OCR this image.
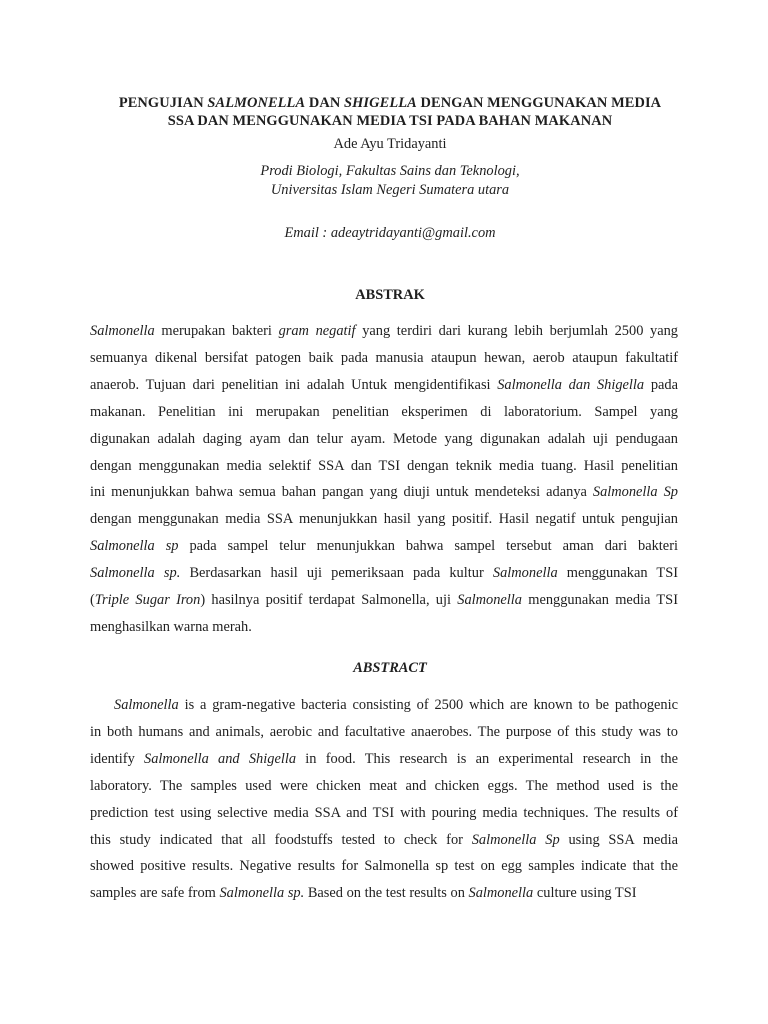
PENGUJIAN SALMONELLA DAN SHIGELLA DENGAN MENGGUNAKAN MEDIA
SSA DAN MENGGUNAKAN MEDIA TSI PADA BAHAN MAKANAN
Ade Ayu Tridayanti
Prodi Biologi, Fakultas Sains dan Teknologi,
Universitas Islam Negeri Sumatera utara
Email : adeaytridayanti@gmail.com
ABSTRAK
Salmonella merupakan bakteri gram negatif yang terdiri dari kurang lebih berjumlah 2500 yang
semuanya dikenal bersifat patogen baik pada manusia ataupun hewan, aerob ataupun fakultatif
anaerob. Tujuan dari penelitian ini adalah Untuk mengidentifikasi Salmonella dan Shigella pada
makanan. Penelitian ini merupakan penelitian eksperimen di laboratorium. Sampel yang
digunakan adalah daging ayam dan telur ayam. Metode yang digunakan adalah uji pendugaan
dengan menggunakan media selektif SSA dan TSI dengan teknik media tuang. Hasil penelitian
ini menunjukkan bahwa semua bahan pangan yang diuji untuk mendeteksi adanya Salmonella Sp
dengan menggunakan media SSA menunjukkan hasil yang positif. Hasil negatif untuk pengujian
Salmonella sp pada sampel telur menunjukkan bahwa sampel tersebut aman dari bakteri
Salmonella sp. Berdasarkan hasil uji pemeriksaan pada kultur Salmonella menggunakan TSI
(Triple Sugar Iron) hasilnya positif terdapat Salmonella, uji Salmonella menggunakan media TSI
menghasilkan warna merah.
ABSTRACT
Salmonella is a gram-negative bacteria consisting of 2500 which are known to be pathogenic
in both humans and animals, aerobic and facultative anaerobes. The purpose of this study was to
identify Salmonella and Shigella in food. This research is an experimental research in the
laboratory. The samples used were chicken meat and chicken eggs. The method used is the
prediction test using selective media SSA and TSI with pouring media techniques. The results of
this study indicated that all foodstuffs tested to check for Salmonella Sp using SSA media
showed positive results. Negative results for Salmonella sp test on egg samples indicate that the
samples are safe from Salmonella sp. Based on the test results on Salmonella culture using TSI
